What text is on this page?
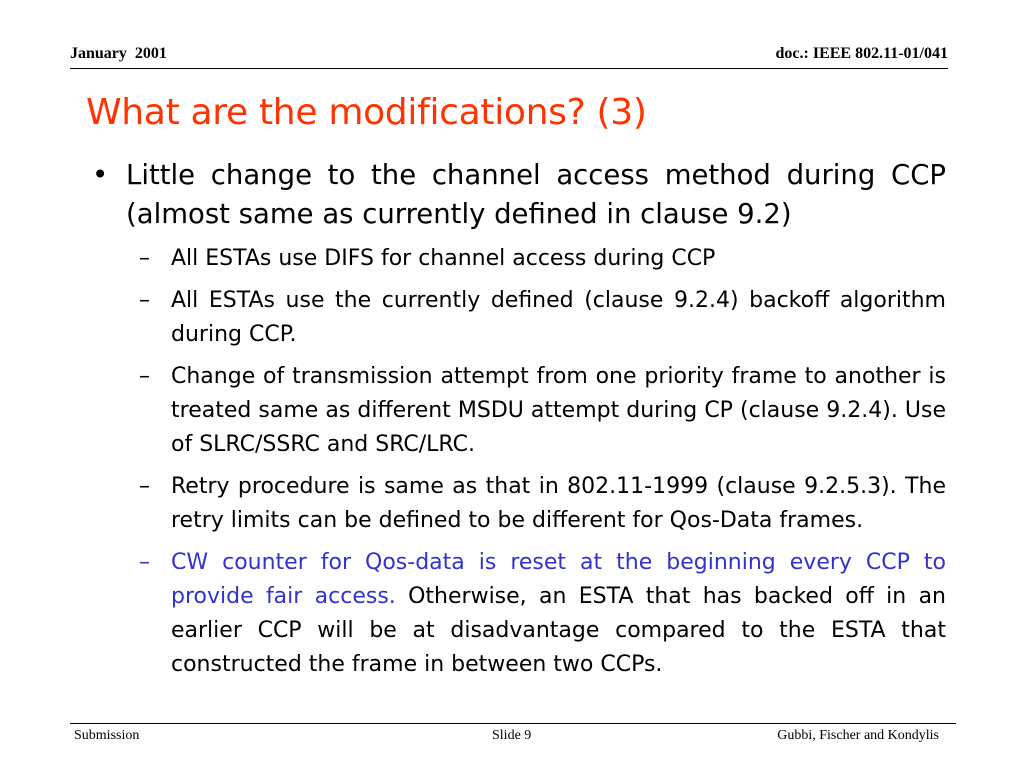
January  2001	doc.: IEEE 802.11-01/041
What are the modifications? (3)
• Little change to the channel access method during CCP (almost same as currently defined in clause 9.2)
– All ESTAs use DIFS for channel access during CCP
– All ESTAs use the currently defined (clause 9.2.4) backoff algorithm during CCP.
– Change of transmission attempt from one priority frame to another is treated same as different MSDU attempt during CP (clause 9.2.4). Use of SLRC/SSRC and SRC/LRC.
– Retry procedure is same as that in 802.11-1999 (clause 9.2.5.3). The retry limits can be defined to be different for Qos-Data frames.
– CW counter for Qos-data is reset at the beginning every CCP to provide fair access. Otherwise, an ESTA that has backed off in an earlier CCP will be at disadvantage compared to the ESTA that constructed the frame in between two CCPs.
Submission	Slide 9	Gubbi, Fischer and Kondylis
